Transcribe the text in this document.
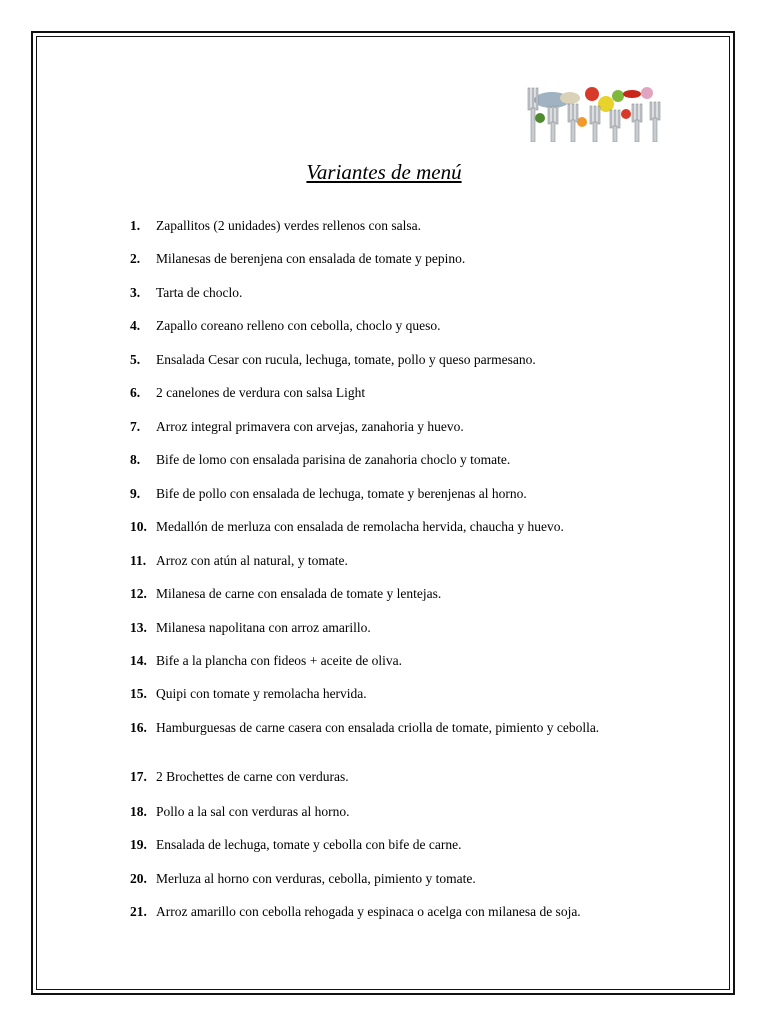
Variantes de menú
1.	Zapallitos (2 unidades) verdes rellenos con salsa.
2.	Milanesas de berenjena con ensalada de tomate y pepino.
3.	Tarta de choclo.
4.	Zapallo coreano relleno con cebolla, choclo y queso.
5.	Ensalada Cesar con rucula, lechuga, tomate, pollo y queso parmesano.
6.	2 canelones de verdura con salsa Light
7.	Arroz integral primavera con arvejas, zanahoria y huevo.
8.	Bife de lomo con ensalada parisina de zanahoria choclo y tomate.
9.	Bife de pollo con ensalada de lechuga, tomate y berenjenas al horno.
10. Medallón de merluza con ensalada de remolacha hervida, chaucha y huevo.
11. Arroz con atún al natural, y tomate.
12. Milanesa de carne con ensalada de tomate y lentejas.
13. Milanesa napolitana con arroz amarillo.
14. Bife a la plancha con fideos + aceite de oliva.
15. Quipi con tomate y remolacha hervida.
16. Hamburguesas de carne casera con ensalada criolla de tomate, pimiento y cebolla.
17. 2 Brochettes de carne con verduras.
18. Pollo a la sal con verduras al horno.
19. Ensalada de lechuga, tomate y cebolla con bife de carne.
20. Merluza al horno con verduras, cebolla, pimiento y tomate.
21. Arroz amarillo con cebolla rehogada y espinaca o acelga con milanesa de soja.
